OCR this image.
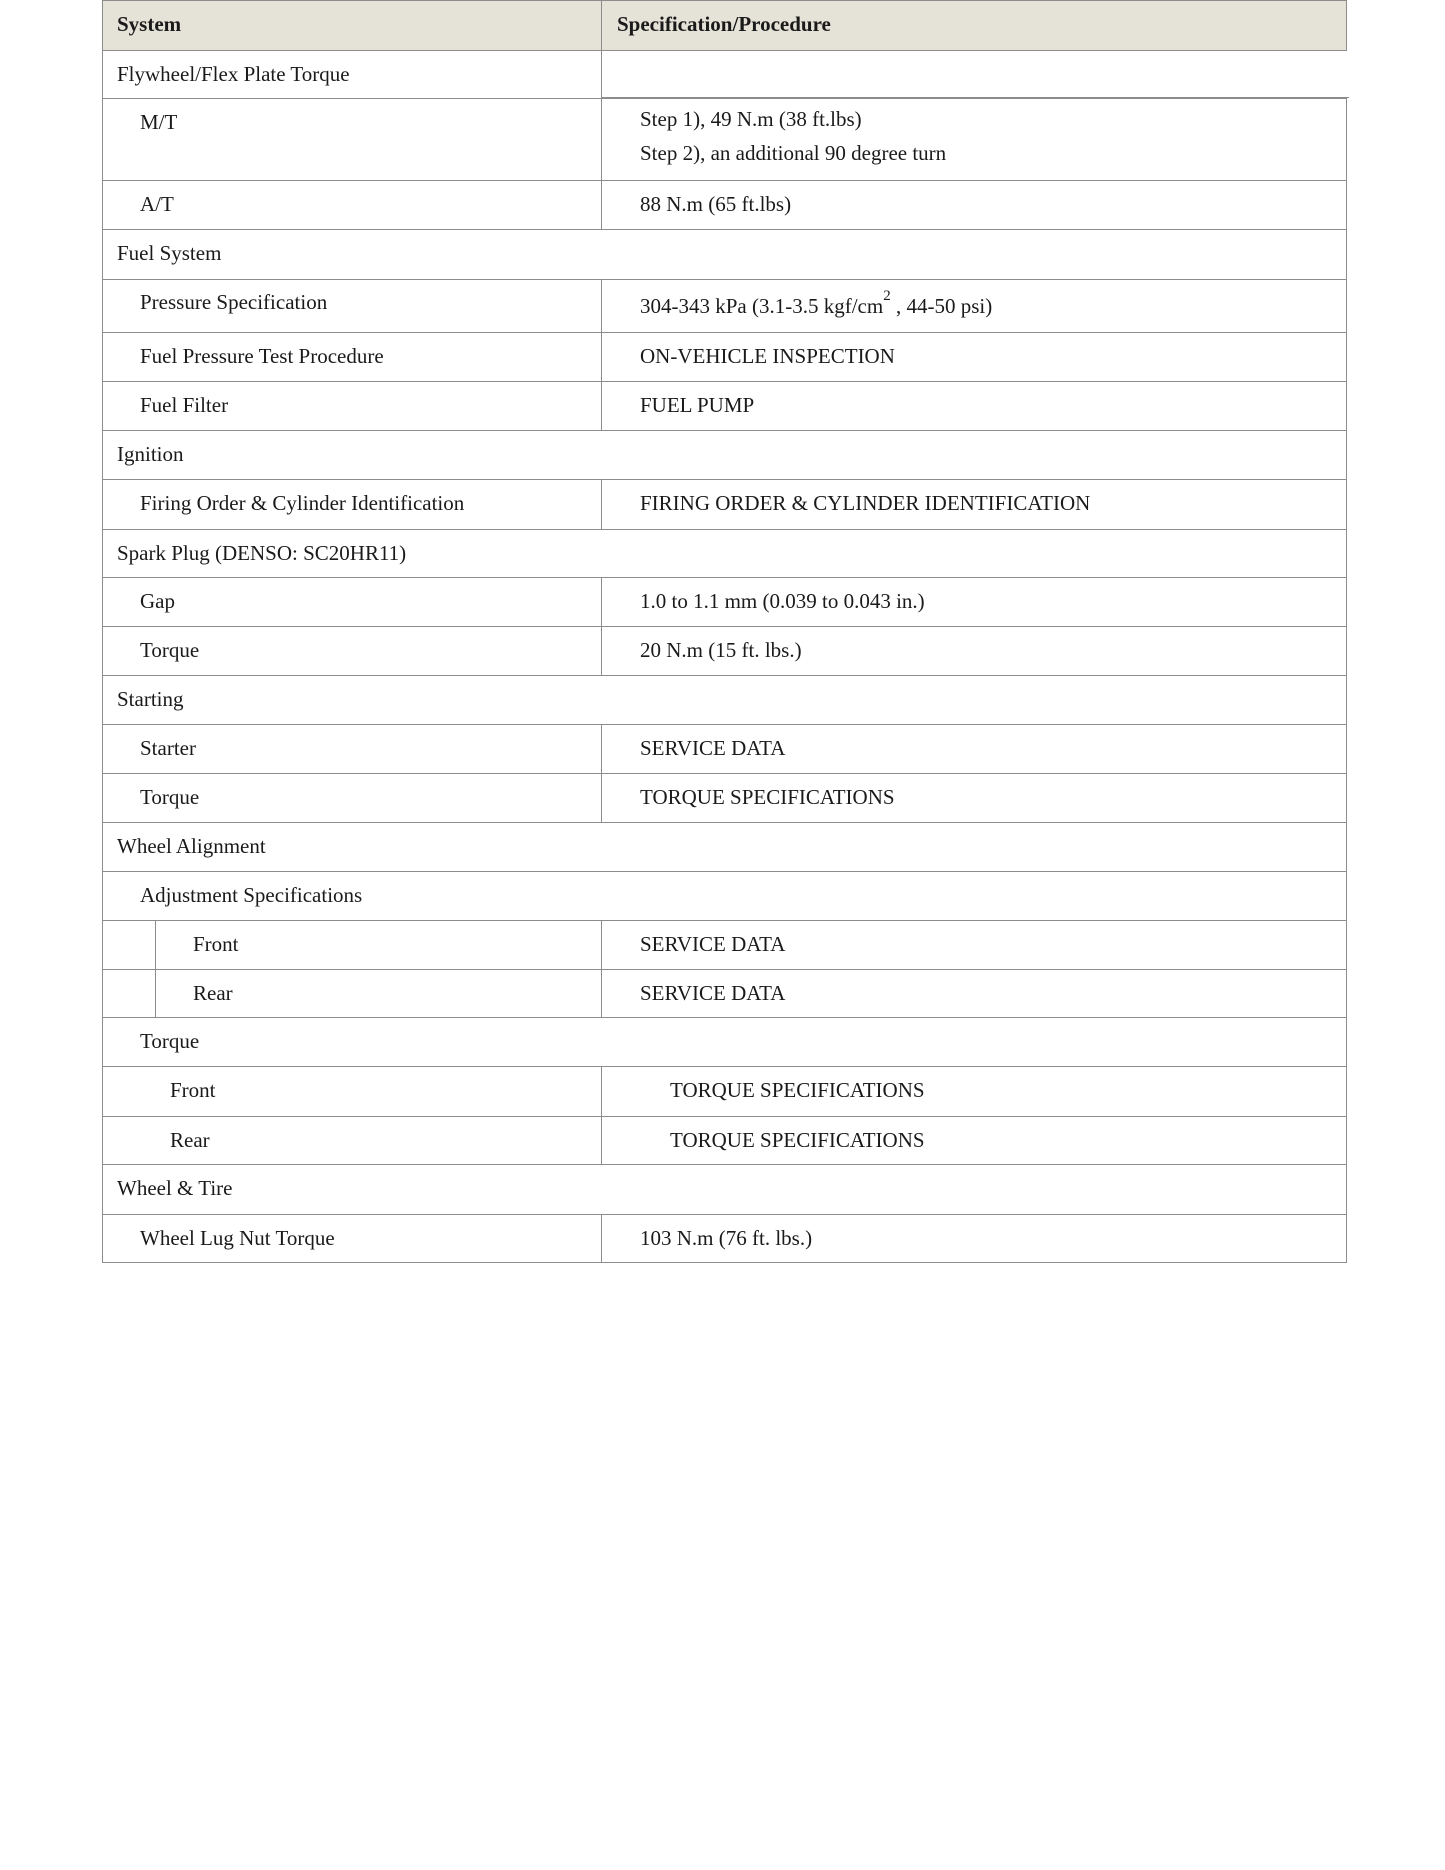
System	Specification/Procedure
Flywheel/Flex Plate Torque
M/T	Step 1), 49 N.m (38 ft.lbs)
Step 2), an additional 90 degree turn
A/T	88 N.m (65 ft.lbs)
Fuel System
Pressure Specification	304-343 kPa (3.1-3.5 kgf/$cm^2$ , 44-50 psi)
Fuel Pressure Test Procedure	ON-VEHICLE INSPECTION
Fuel Filter	FUEL PUMP
Ignition
Firing Order & Cylinder Identification	FIRING ORDER & CYLINDER IDENTIFICATION
Spark Plug (DENSO: SC20HR11)
Gap	1.0 to 1.1 mm (0.039 to 0.043 in.)
Torque	20 N.m (15 ft. lbs.)
Starting
Starter	SERVICE DATA
Torque	TORQUE SPECIFICATIONS
Wheel Alignment
Adjustment Specifications
Front	SERVICE DATA
Rear	SERVICE DATA
Torque
Front	TORQUE SPECIFICATIONS
Rear	TORQUE SPECIFICATIONS
Wheel & Tire
Wheel Lug Nut Torque	103 N.m (76 ft. lbs.)
